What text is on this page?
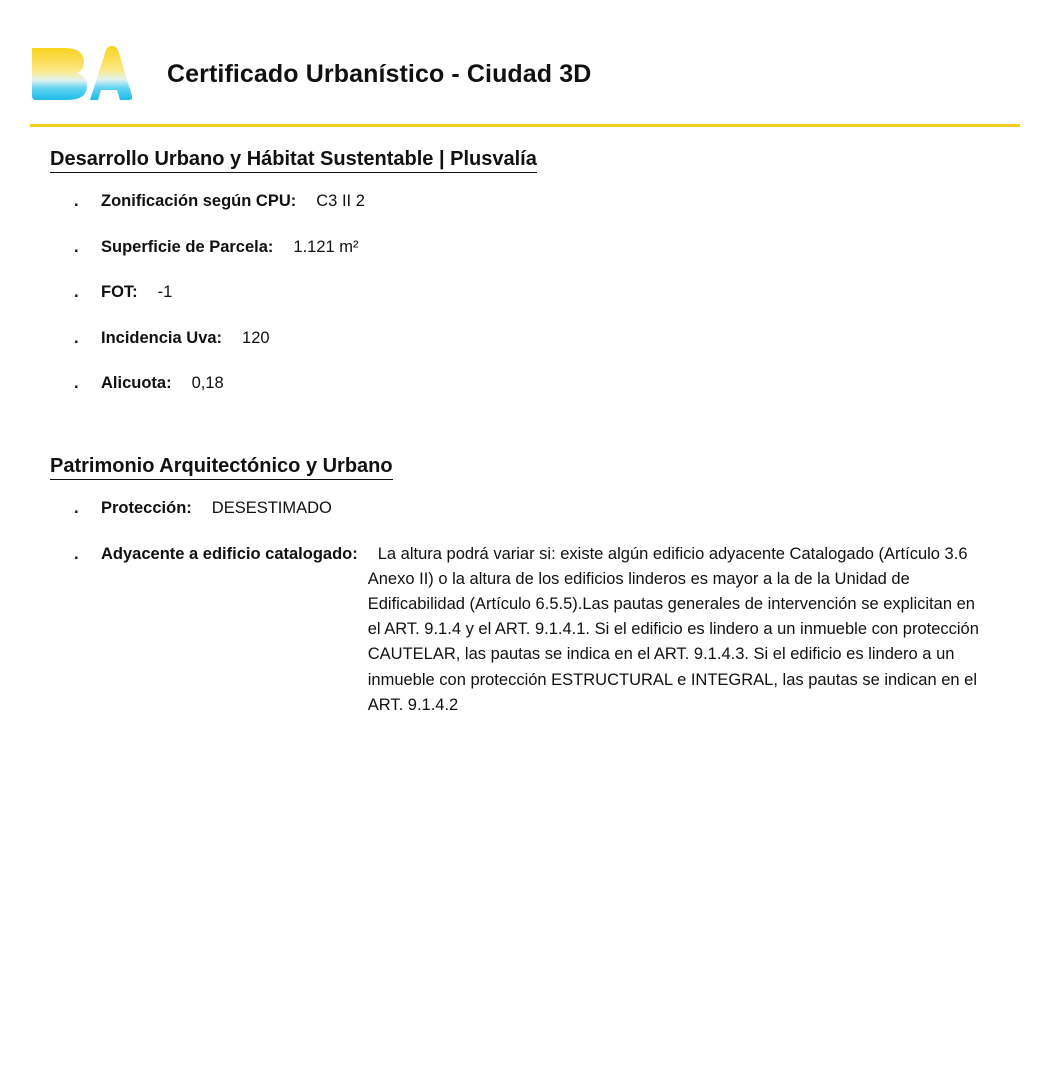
Certificado Urbanístico - Ciudad 3D
Desarrollo Urbano y Hábitat Sustentable | Plusvalía
. Zonificación según CPU: C3 II 2
. Superficie de Parcela: 1.121 m²
. FOT: -1
. Incidencia Uva: 120
. Alicuota: 0,18
Patrimonio Arquitectónico y Urbano
. Protección: DESESTIMADO
. Adyacente a edificio catalogado:	La altura podrá variar si: existe algún edificio adyacente Catalogado (Artículo 3.6 Anexo II) o la altura de los edificios linderos es mayor a la de la Unidad de Edificabilidad (Artículo 6.5.5).Las pautas generales de intervención se explicitan en el ART. 9.1.4 y el ART. 9.1.4.1. Si el edificio es lindero a un inmueble con protección CAUTELAR, las pautas se indica en el ART. 9.1.4.3. Si el edificio es lindero a un inmueble con protección ESTRUCTURAL e INTEGRAL, las pautas se indican en el ART. 9.1.4.2
